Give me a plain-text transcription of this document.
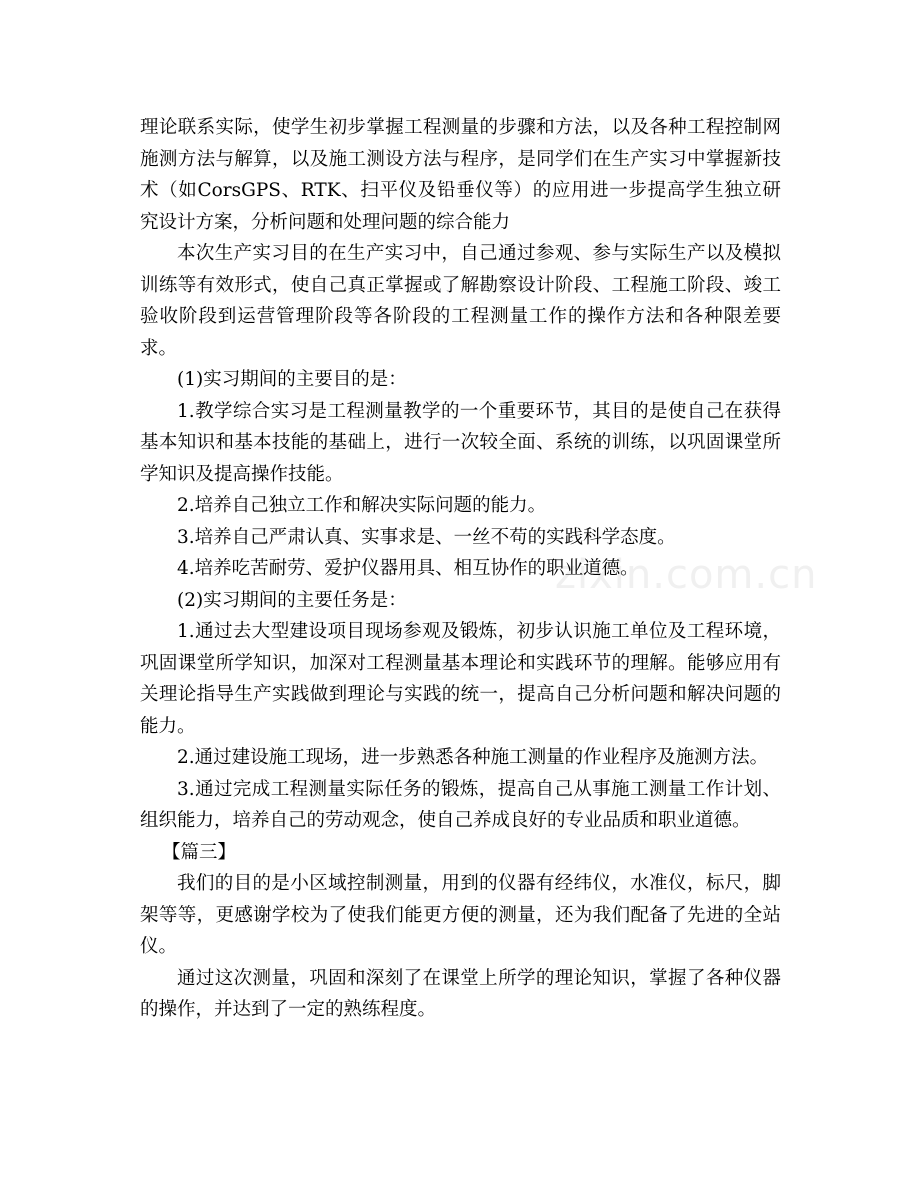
zixin.com.cn

理论联系实际，使学生初步掌握工程测量的步骤和方法，以及各种工程控制网施测方法与解算，以及施工测设方法与程序，是同学们在生产实习中掌握新技术（如CorsGPS、RTK、扫平仪及铅垂仪等）的应用进一步提高学生独立研究设计方案，分析问题和处理问题的综合能力

本次生产实习目的在生产实习中，自己通过参观、参与实际生产以及模拟训练等有效形式，使自己真正掌握或了解勘察设计阶段、工程施工阶段、竣工验收阶段到运营管理阶段等各阶段的工程测量工作的操作方法和各种限差要求。

(1)实习期间的主要目的是：

1.教学综合实习是工程测量教学的一个重要环节，其目的是使自己在获得基本知识和基本技能的基础上，进行一次较全面、系统的训练，以巩固课堂所学知识及提高操作技能。

2.培养自己独立工作和解决实际问题的能力。

3.培养自己严肃认真、实事求是、一丝不苟的实践科学态度。

4.培养吃苦耐劳、爱护仪器用具、相互协作的职业道德。

(2)实习期间的主要任务是：

1.通过去大型建设项目现场参观及锻炼，初步认识施工单位及工程环境，巩固课堂所学知识，加深对工程测量基本理论和实践环节的理解。能够应用有关理论指导生产实践做到理论与实践的统一，提高自己分析问题和解决问题的能力。

2.通过建设施工现场，进一步熟悉各种施工测量的作业程序及施测方法。

3.通过完成工程测量实际任务的锻炼，提高自己从事施工测量工作计划、组织能力，培养自己的劳动观念，使自己养成良好的专业品质和职业道德。

【篇三】

我们的目的是小区域控制测量，用到的仪器有经纬仪，水准仪，标尺，脚架等等，更感谢学校为了使我们能更方便的测量，还为我们配备了先进的全站仪。

通过这次测量，巩固和深刻了在课堂上所学的理论知识，掌握了各种仪器的操作，并达到了一定的熟练程度。
